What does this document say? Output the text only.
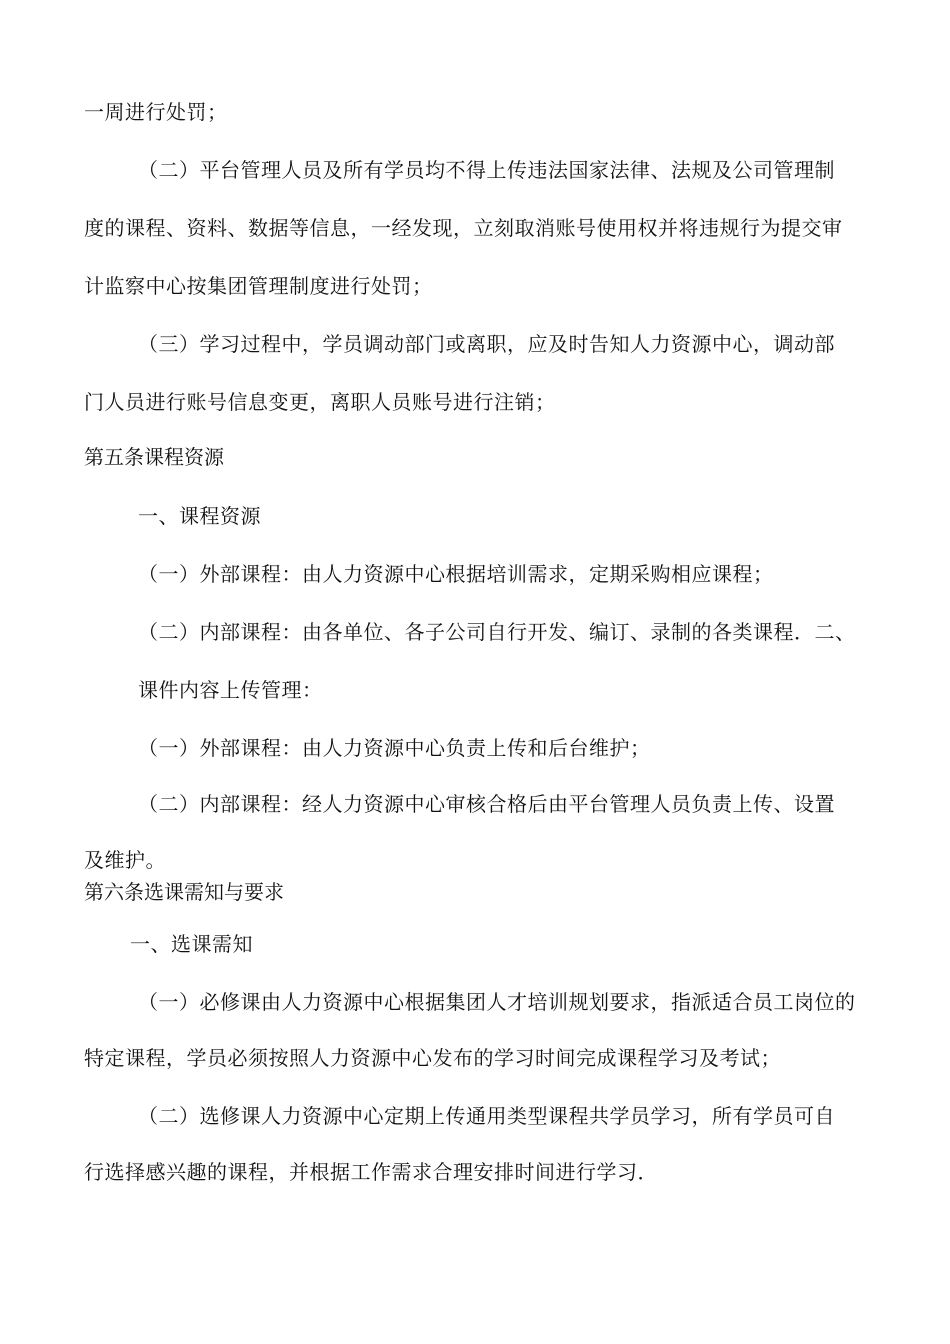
一周进行处罚；

（二）平台管理人员及所有学员均不得上传违法国家法律、法规及公司管理制

度的课程、资料、数据等信息，一经发现，立刻取消账号使用权并将违规行为提交审

计监察中心按集团管理制度进行处罚；

（三）学习过程中，学员调动部门或离职，应及时告知人力资源中心，调动部

门人员进行账号信息变更，离职人员账号进行注销；

第五条课程资源

一、课程资源

（一）外部课程：由人力资源中心根据培训需求，定期采购相应课程；

（二）内部课程：由各单位、各子公司自行开发、编订、录制的各类课程．二、

课件内容上传管理：

（一）外部课程：由人力资源中心负责上传和后台维护；

（二）内部课程：经人力资源中心审核合格后由平台管理人员负责上传、设置

及维护。

第六条选课需知与要求

一、选课需知

（一）必修课由人力资源中心根据集团人才培训规划要求，指派适合员工岗位的

特定课程，学员必须按照人力资源中心发布的学习时间完成课程学习及考试；

（二）选修课人力资源中心定期上传通用类型课程共学员学习，所有学员可自

行选择感兴趣的课程，并根据工作需求合理安排时间进行学习．
